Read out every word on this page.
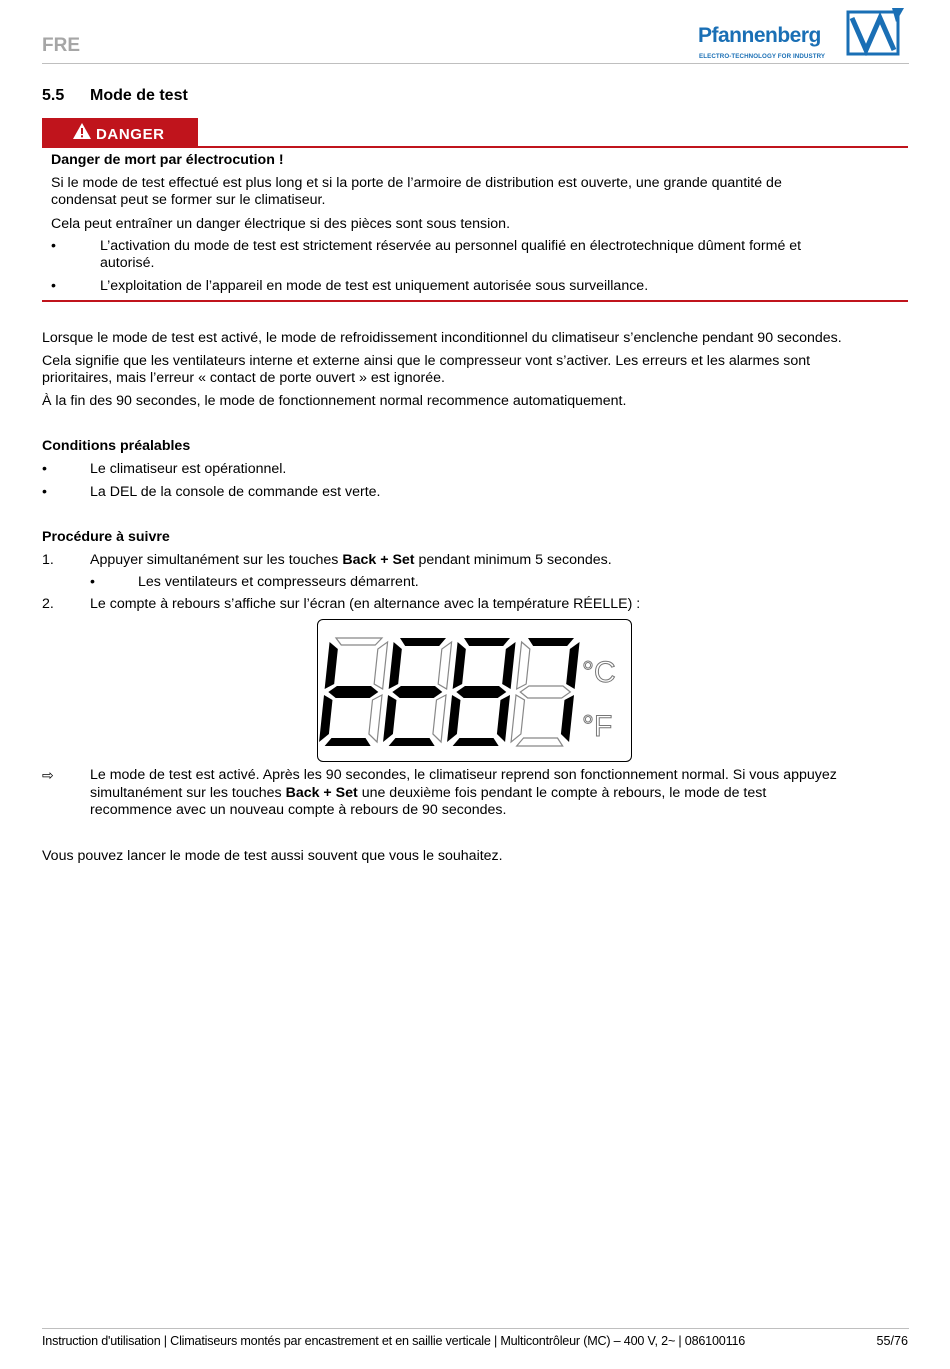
FRE	Pfannenberg
ELECTRO-TECHNOLOGY FOR INDUSTRY
5.5 Mode de test
DANGER
Danger de mort par électrocution !
Si le mode de test effectué est plus long et si la porte de l’armoire de distribution est ouverte, une grande quantité de
condensat peut se former sur le climatiseur.
Cela peut entraîner un danger électrique si des pièces sont sous tension.
•	L’activation du mode de test est strictement réservée au personnel qualifié en électrotechnique dûment formé et
autorisé.
•	L’exploitation de l’appareil en mode de test est uniquement autorisée sous surveillance.
Lorsque le mode de test est activé, le mode de refroidissement inconditionnel du climatiseur s’enclenche pendant 90 secondes.
Cela signifie que les ventilateurs interne et externe ainsi que le compresseur vont s’activer. Les erreurs et les alarmes sont
prioritaires, mais l’erreur « contact de porte ouvert » est ignorée.
À la fin des 90 secondes, le mode de fonctionnement normal recommence automatiquement.
Conditions préalables
•	Le climatiseur est opérationnel.
•	La DEL de la console de commande est verte.
Procédure à suivre
1.	Appuyer simultanément sur les touches Back + Set pendant minimum 5 secondes.
•	Les ventilateurs et compresseurs démarrent.
2.	Le compte à rebours s’affiche sur l’écran (en alternance avec la température RÉELLE) :
°C
°F
⇨	Le mode de test est activé. Après les 90 secondes, le climatiseur reprend son fonctionnement normal. Si vous appuyez
simultanément sur les touches Back + Set une deuxième fois pendant le compte à rebours, le mode de test
recommence avec un nouveau compte à rebours de 90 secondes.
Vous pouvez lancer le mode de test aussi souvent que vous le souhaitez.
Instruction d'utilisation | Climatiseurs montés par encastrement et en saillie verticale | Multicontrôleur (MC) – 400 V, 2~ | 086100116	55/76
